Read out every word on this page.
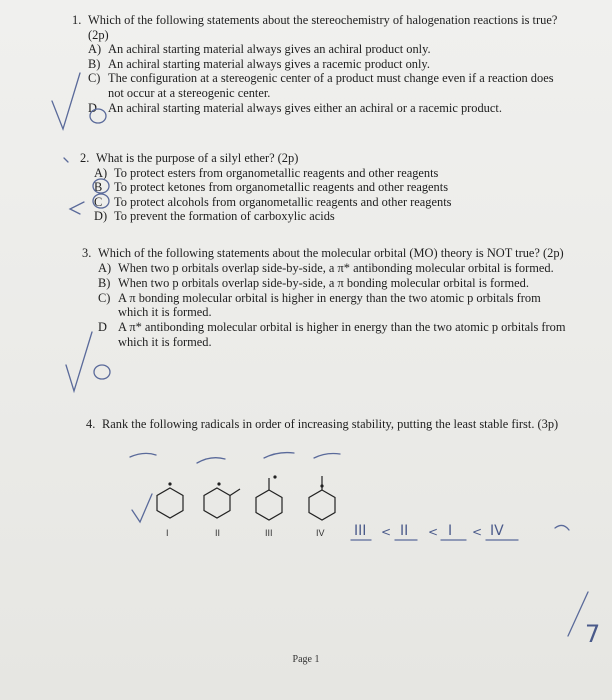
1. Which of the following statements about the stereochemistry of halogenation reactions is true? (2p)
A) An achiral starting material always gives an achiral product only.
B) An achiral starting material always gives a racemic product only.
C) The configuration at a stereogenic center of a product must change even if a reaction does not occur at a stereogenic center.
D An achiral starting material always gives either an achiral or a racemic product.
2. What is the purpose of a silyl ether? (2p)
A) To protect esters from organometallic reagents and other reagents
B To protect ketones from organometallic reagents and other reagents
C To protect alcohols from organometallic reagents and other reagents
D) To prevent the formation of carboxylic acids
3. Which of the following statements about the molecular orbital (MO) theory is NOT true? (2p)
A) When two p orbitals overlap side-by-side, a π* antibonding molecular orbital is formed.
B) When two p orbitals overlap side-by-side, a π bonding molecular orbital is formed.
C) A π bonding molecular orbital is higher in energy than the two atomic p orbitals from which it is formed.
D A π* antibonding molecular orbital is higher in energy than the two atomic p orbitals from which it is formed.
4. Rank the following radicals in order of increasing stability, putting the least stable first. (3p)
I	II	III	IV III < II < I < IV
7
Page 1
